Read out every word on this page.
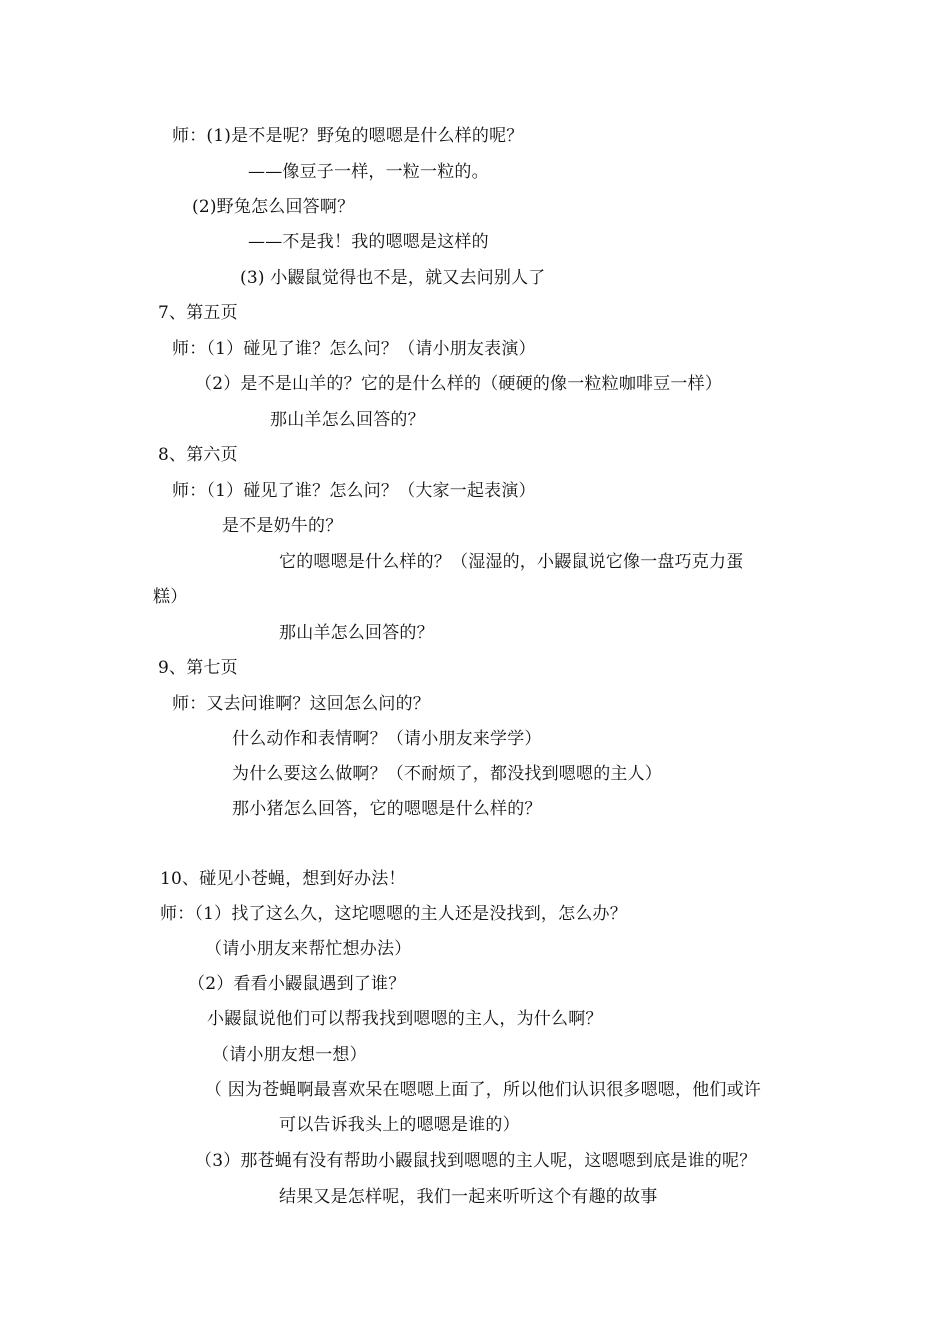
师：(1)是不是呢？野兔的嗯嗯是什么样的呢？
——像豆子一样，一粒一粒的。
(2)野兔怎么回答啊？
——不是我！我的嗯嗯是这样的
(3) 小鼹鼠觉得也不是，就又去问别人了
7、第五页
师：（1）碰见了谁？怎么问？（请小朋友表演）
（2）是不是山羊的？它的是什么样的（硬硬的像一粒粒咖啡豆一样）
那山羊怎么回答的？
8、第六页
师：（1）碰见了谁？怎么问？（大家一起表演）
是不是奶牛的？
它的嗯嗯是什么样的？（湿湿的，小鼹鼠说它像一盘巧克力蛋
糕）
那山羊怎么回答的？
9、第七页
师：又去问谁啊？这回怎么问的？
什么动作和表情啊？（请小朋友来学学）
为什么要这么做啊？（不耐烦了，都没找到嗯嗯的主人）
那小猪怎么回答，它的嗯嗯是什么样的？
10、碰见小苍蝇，想到好办法！
师：（1）找了这么久，这坨嗯嗯的主人还是没找到，怎么办？
（请小朋友来帮忙想办法）
（2）看看小鼹鼠遇到了谁？
小鼹鼠说他们可以帮我找到嗯嗯的主人，为什么啊？
（请小朋友想一想）
（ 因为苍蝇啊最喜欢呆在嗯嗯上面了，所以他们认识很多嗯嗯，他们或许
可以告诉我头上的嗯嗯是谁的）
（3）那苍蝇有没有帮助小鼹鼠找到嗯嗯的主人呢，这嗯嗯到底是谁的呢？
结果又是怎样呢，我们一起来听听这个有趣的故事
